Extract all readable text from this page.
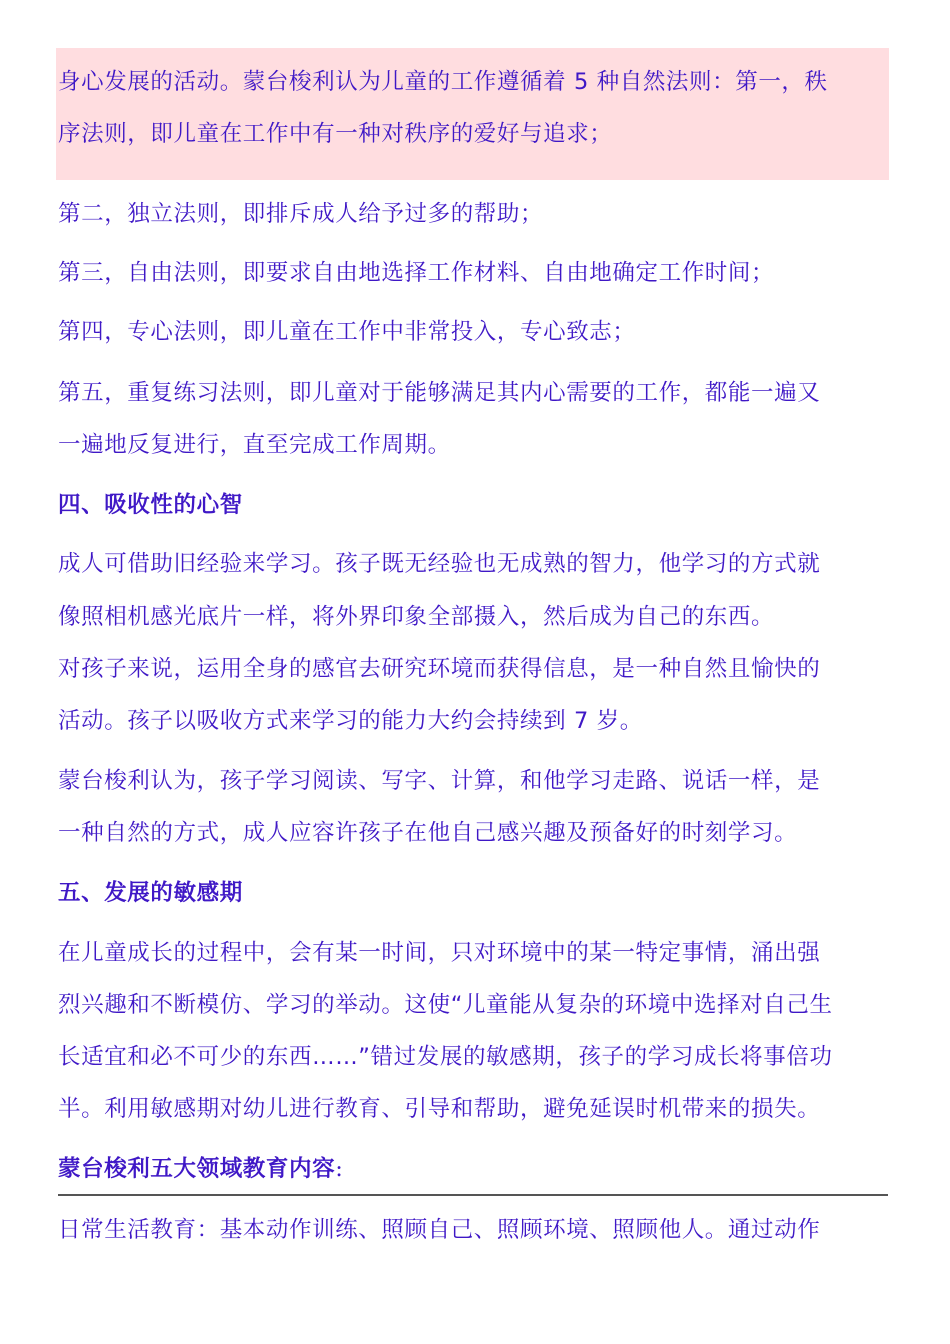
身心发展的活动。蒙台梭利认为儿童的工作遵循着 5 种自然法则：第一，秩

序法则，即儿童在工作中有一种对秩序的爱好与追求；

第二，独立法则，即排斥成人给予过多的帮助；

第三，自由法则，即要求自由地选择工作材料、自由地确定工作时间；

第四，专心法则，即儿童在工作中非常投入，专心致志；

第五，重复练习法则，即儿童对于能够满足其内心需要的工作，都能一遍又

一遍地反复进行，直至完成工作周期。

四、吸收性的心智

成人可借助旧经验来学习。孩子既无经验也无成熟的智力，他学习的方式就

像照相机感光底片一样，将外界印象全部摄入，然后成为自己的东西。

对孩子来说，运用全身的感官去研究环境而获得信息，是一种自然且愉快的

活动。孩子以吸收方式来学习的能力大约会持续到 7 岁。

蒙台梭利认为，孩子学习阅读、写字、计算，和他学习走路、说话一样，是

一种自然的方式，成人应容许孩子在他自己感兴趣及预备好的时刻学习。

五、发展的敏感期

在儿童成长的过程中，会有某一时间，只对环境中的某一特定事情，涌出强

烈兴趣和不断模仿、学习的举动。这使“儿童能从复杂的环境中选择对自己生

长适宜和必不可少的东西……”错过发展的敏感期，孩子的学习成长将事倍功

半。利用敏感期对幼儿进行教育、引导和帮助，避免延误时机带来的损失。

蒙台梭利五大领域教育内容:

日常生活教育：基本动作训练、照顾自己、照顾环境、照顾他人。通过动作
